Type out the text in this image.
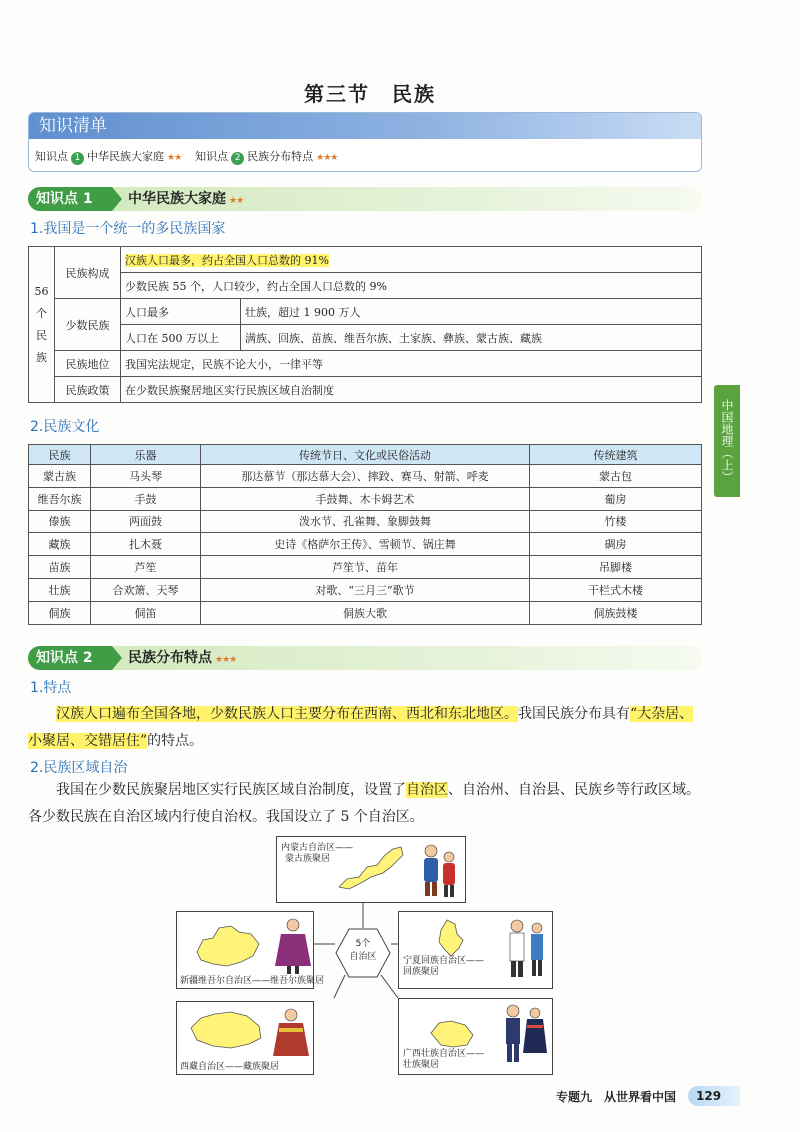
第三节　民族
知识清单
知识点 1 中华民族大家庭 ★★ 知识点 2 民族分布特点 ★★★
知识点 1	中华民族大家庭 ★★
1.我国是一个统一的多民族国家
56
个
民
族	民族构成	汉族人口最多，约占全国人口总数的 91%	
		少数民族 55 个，人口较少，约占全国人口总数的 9%	
	少数民族	人口最多	壮族，超过 1 900 万人
		人口在 500 万以上	满族、回族、苗族、维吾尔族、土家族、彝族、蒙古族、藏族
	民族地位	我国宪法规定，民族不论大小，一律平等	
	民族政策	在少数民族聚居地区实行民族区域自治制度	
2.民族文化
民族	乐器	传统节日、文化或民俗活动	传统建筑
蒙古族	马头琴	那达慕节（那达慕大会）、摔跤、赛马、射箭、呼麦	蒙古包
维吾尔族	手鼓	手鼓舞、木卡姆艺术	葡房
傣族	两面鼓	泼水节、孔雀舞、象脚鼓舞	竹楼
藏族	扎木聂	史诗《格萨尔王传》、雪顿节、锅庄舞	碉房
苗族	芦笙	芦笙节、苗年	吊脚楼
壮族	合欢箫、天琴	对歌、“三月三”歌节	干栏式木楼
侗族	侗笛	侗族大歌	侗族鼓楼
中国地理（上）
知识点 2	民族分布特点 ★★★
1.特点
汉族人口遍布全国各地，少数民族人口主要分布在西南、西北和东北地区。我国民族分布具有“大杂居、小聚居、交错居住”的特点。
2.民族区域自治
我国在少数民族聚居地区实行民族区域自治制度，设置了自治区、自治州、自治县、民族乡等行政区域。各少数民族在自治区域内行使自治权。我国设立了 5 个自治区。
5个
自治区
内蒙古自治区——
蒙古族聚居
新疆维吾尔自治区——维吾尔族聚居
宁夏回族自治区——
回族聚居
西藏自治区——藏族聚居
广西壮族自治区——
壮族聚居
专题九　从世界看中国	129
